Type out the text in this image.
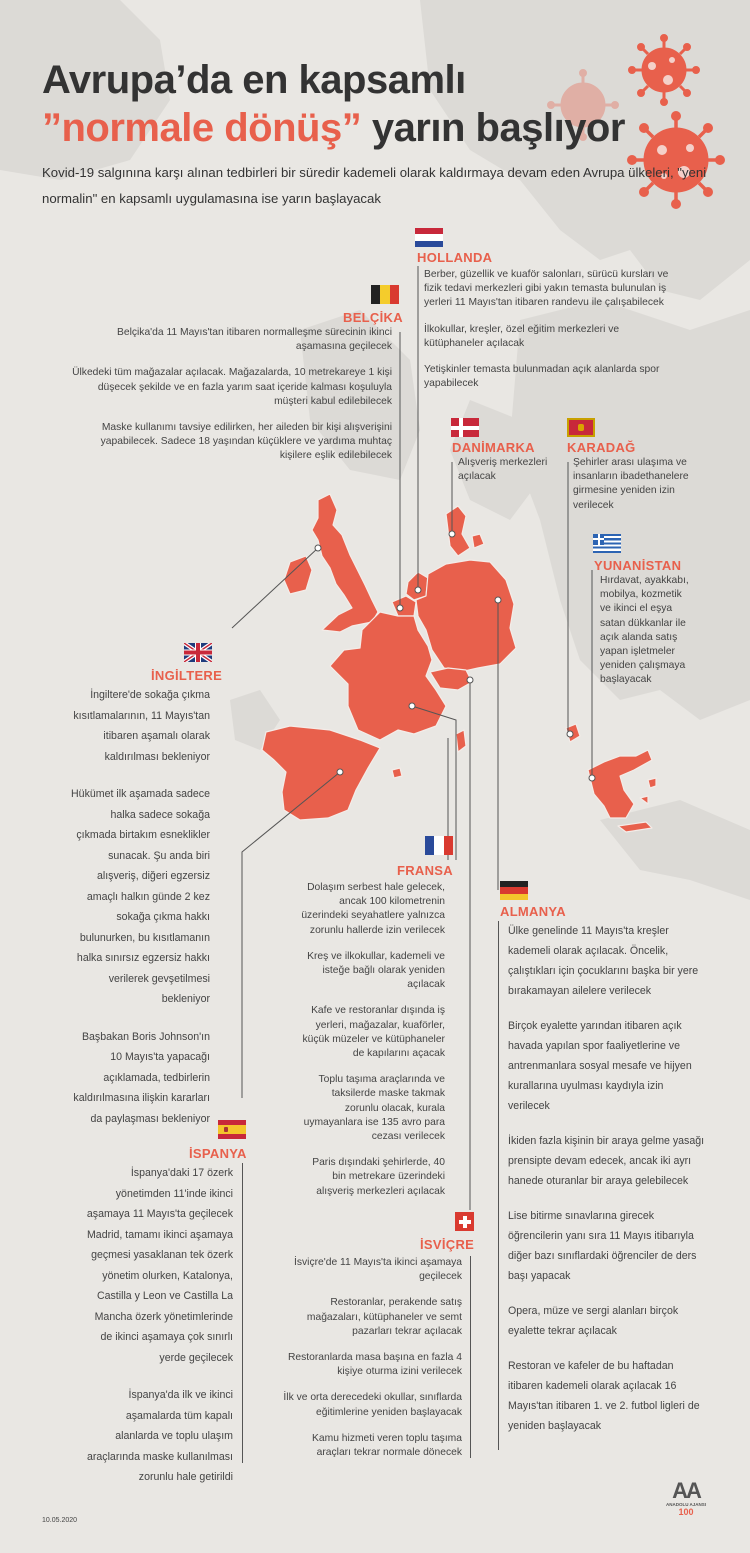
Avrupa’da en kapsamlı
”normale dönüş” yarın başlıyor
Kovid-19 salgınına karşı alınan tedbirleri bir süredir kademeli olarak kaldırmaya devam eden Avrupa ülkeleri, "yeni normalin" en kapsamlı uygulamasına ise yarın başlayacak
HOLLANDA

Berber, güzellik ve kuaför salonları, sürücü kursları ve fizik tedavi merkezleri gibi yakın temasta bulunulan iş yerleri 11 Mayıs'tan itibaren randevu ile çalışabilecek

İlkokullar, kreşler, özel eğitim merkezleri ve kütüphaneler açılacak

Yetişkinler temasta bulunmadan açık alanlarda spor yapabilecek

BELÇİKA

Belçika'da 11 Mayıs'tan itibaren normalleşme sürecinin ikinci aşamasına geçilecek

Ülkedeki tüm mağazalar açılacak. Mağazalarda, 10 metrekareye 1 kişi düşecek şekilde ve en fazla yarım saat içeride kalması koşuluyla müşteri kabul edilebilecek

Maske kullanımı tavsiye edilirken, her aileden bir kişi alışverişini yapabilecek. Sadece 18 yaşından küçüklere ve yardıma muhtaç kişilere eşlik edilebilecek

DANİMARKA

Alışveriş merkezleri açılacak

KARADAĞ

Şehirler arası ulaşıma ve insanların ibadethanelere girmesine yeniden izin verilecek

YUNANİSTAN

Hırdavat, ayakkabı, mobilya, kozmetik ve ikinci el eşya satan dükkanlar ile açık alanda satış yapan işletmeler yeniden çalışmaya başlayacak

İNGİLTERE

İngiltere'de sokağa çıkma kısıtlamalarının, 11 Mayıs'tan itibaren aşamalı olarak kaldırılması bekleniyor

Hükümet ilk aşamada sadece halka sadece sokağa çıkmada birtakım esneklikler sunacak. Şu anda biri alışveriş, diğeri egzersiz amaçlı halkın günde 2 kez sokağa çıkma hakkı bulunurken, bu kısıtlamanın halka sınırsız egzersiz hakkı verilerek gevşetilmesi bekleniyor

Başbakan Boris Johnson'ın 10 Mayıs'ta yapacağı açıklamada, tedbirlerin kaldırılmasına ilişkin kararları da paylaşması bekleniyor

FRANSA

Dolaşım serbest hale gelecek, ancak 100 kilometrenin üzerindeki seyahatlere yalnızca zorunlu hallerde izin verilecek

Kreş ve ilkokullar, kademeli ve isteğe bağlı olarak yeniden açılacak

Kafe ve restoranlar dışında iş yerleri, mağazalar, kuaförler, küçük müzeler ve kütüphaneler de kapılarını açacak

Toplu taşıma araçlarında ve taksilerde maske takmak zorunlu olacak, kurala uymayanlara ise 135 avro para cezası verilecek

Paris dışındaki şehirlerde, 40 bin metrekare üzerindeki alışveriş merkezleri açılacak

ALMANYA

Ülke genelinde 11 Mayıs'ta kreşler kademeli olarak açılacak. Öncelik, çalıştıkları için çocuklarını başka bir yere bırakamayan ailelere verilecek

Birçok eyalette yarından itibaren açık havada yapılan spor faaliyetlerine ve antrenmanlara sosyal mesafe ve hijyen kurallarına uyulması kaydıyla izin verilecek

İkiden fazla kişinin bir araya gelme yasağı prensipte devam edecek, ancak iki ayrı hanede oturanlar bir araya gelebilecek

Lise bitirme sınavlarına girecek öğrencilerin yanı sıra 11 Mayıs itibarıyla diğer bazı sınıflardaki öğrenciler de ders başı yapacak

Opera, müze ve sergi alanları birçok eyalette tekrar açılacak

Restoran ve kafeler de bu haftadan itibaren kademeli olarak açılacak 16 Mayıs'tan itibaren 1. ve 2. futbol ligleri de yeniden başlayacak

İSPANYA

İspanya'daki 17 özerk yönetimden 11'inde ikinci aşamaya 11 Mayıs'ta geçilecek Madrid, tamamı ikinci aşamaya geçmesi yasaklanan tek özerk yönetim olurken, Katalonya, Castilla y Leon ve Castilla La Mancha özerk yönetimlerinde de ikinci aşamaya çok sınırlı yerde geçilecek

İspanya'da ilk ve ikinci aşamalarda tüm kapalı alanlarda ve toplu ulaşım araçlarında maske kullanılması zorunlu hale getirildi

İSVİÇRE

İsviçre'de 11 Mayıs'ta ikinci aşamaya geçilecek

Restoranlar, perakende satış mağazaları, kütüphaneler ve semt pazarları tekrar açılacak

Restoranlarda masa başına en fazla 4 kişiye oturma izini verilecek

İlk ve orta derecedeki okullar, sınıflarda eğitimlerine yeniden başlayacak

Kamu hizmeti veren toplu taşıma araçları tekrar normale dönecek

10.05.2020
AA
ANADOLU AJANSI
100
